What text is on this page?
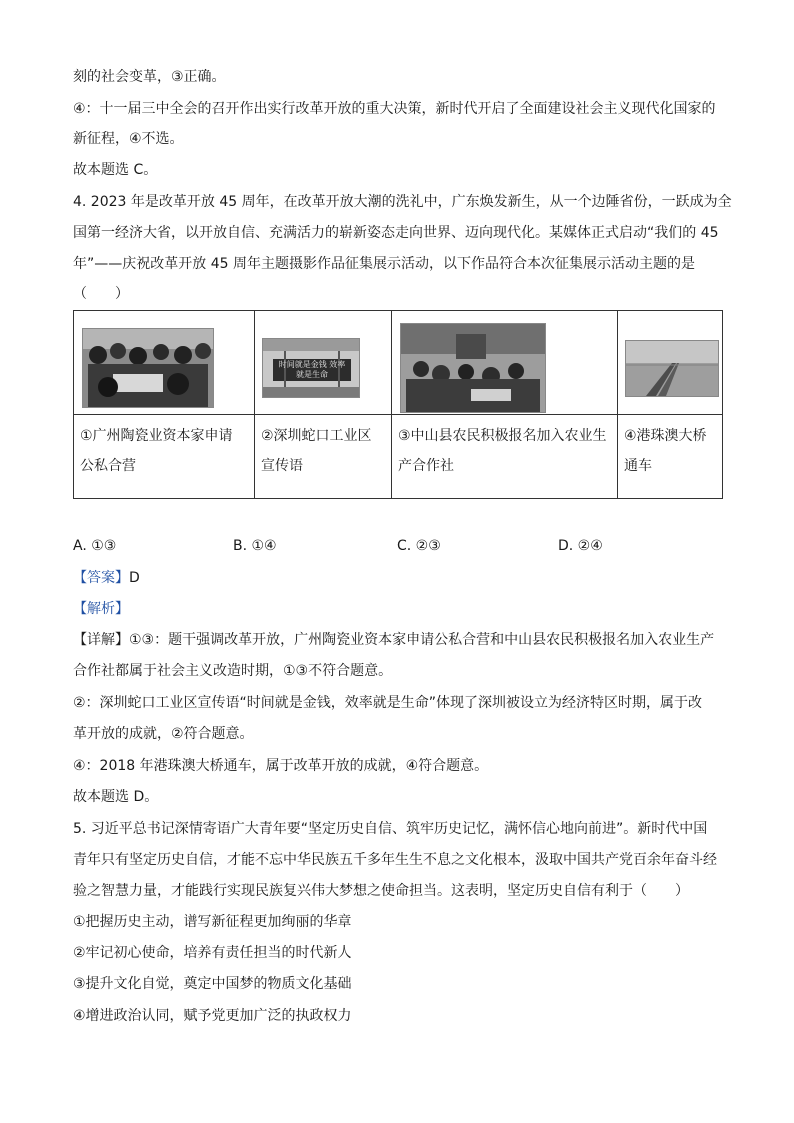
刻的社会变革，③正确。
④：十一届三中全会的召开作出实行改革开放的重大决策，新时代开启了全面建设社会主义现代化国家的
新征程，④不选。
故本题选 C。
4. 2023 年是改革开放 45 周年，在改革开放大潮的洗礼中，广东焕发新生，从一个边陲省份，一跃成为全
国第一经济大省，以开放自信、充满活力的崭新姿态走向世界、迈向现代化。某媒体正式启动“我们的 45
年”——庆祝改革开放 45 周年主题摄影作品征集展示活动，以下作品符合本次征集展示活动主题的是
（　　）

时间就是金钱 效率就是生命

①广州陶瓷业资本家申请
公私合营	②深圳蛇口工业区
宣传语	③中山县农民积极报名加入农业生
产合作社	④港珠澳大桥
通车
A. ①③	B. ①④	C. ②③	D. ②④
【答案】D
【解析】
【详解】①③：题干强调改革开放，广州陶瓷业资本家申请公私合营和中山县农民积极报名加入农业生产
合作社都属于社会主义改造时期，①③不符合题意。
②：深圳蛇口工业区宣传语“时间就是金钱，效率就是生命”体现了深圳被设立为经济特区时期，属于改
革开放的成就，②符合题意。
④：2018 年港珠澳大桥通车，属于改革开放的成就，④符合题意。
故本题选 D。
5. 习近平总书记深情寄语广大青年要“坚定历史自信、筑牢历史记忆，满怀信心地向前进”。新时代中国
青年只有坚定历史自信，才能不忘中华民族五千多年生生不息之文化根本，汲取中国共产党百余年奋斗经
验之智慧力量，才能践行实现民族复兴伟大梦想之使命担当。这表明，坚定历史自信有利于（　　）
①把握历史主动，谱写新征程更加绚丽的华章
②牢记初心使命，培养有责任担当的时代新人
③提升文化自觉，奠定中国梦的物质文化基础
④增进政治认同，赋予党更加广泛的执政权力
